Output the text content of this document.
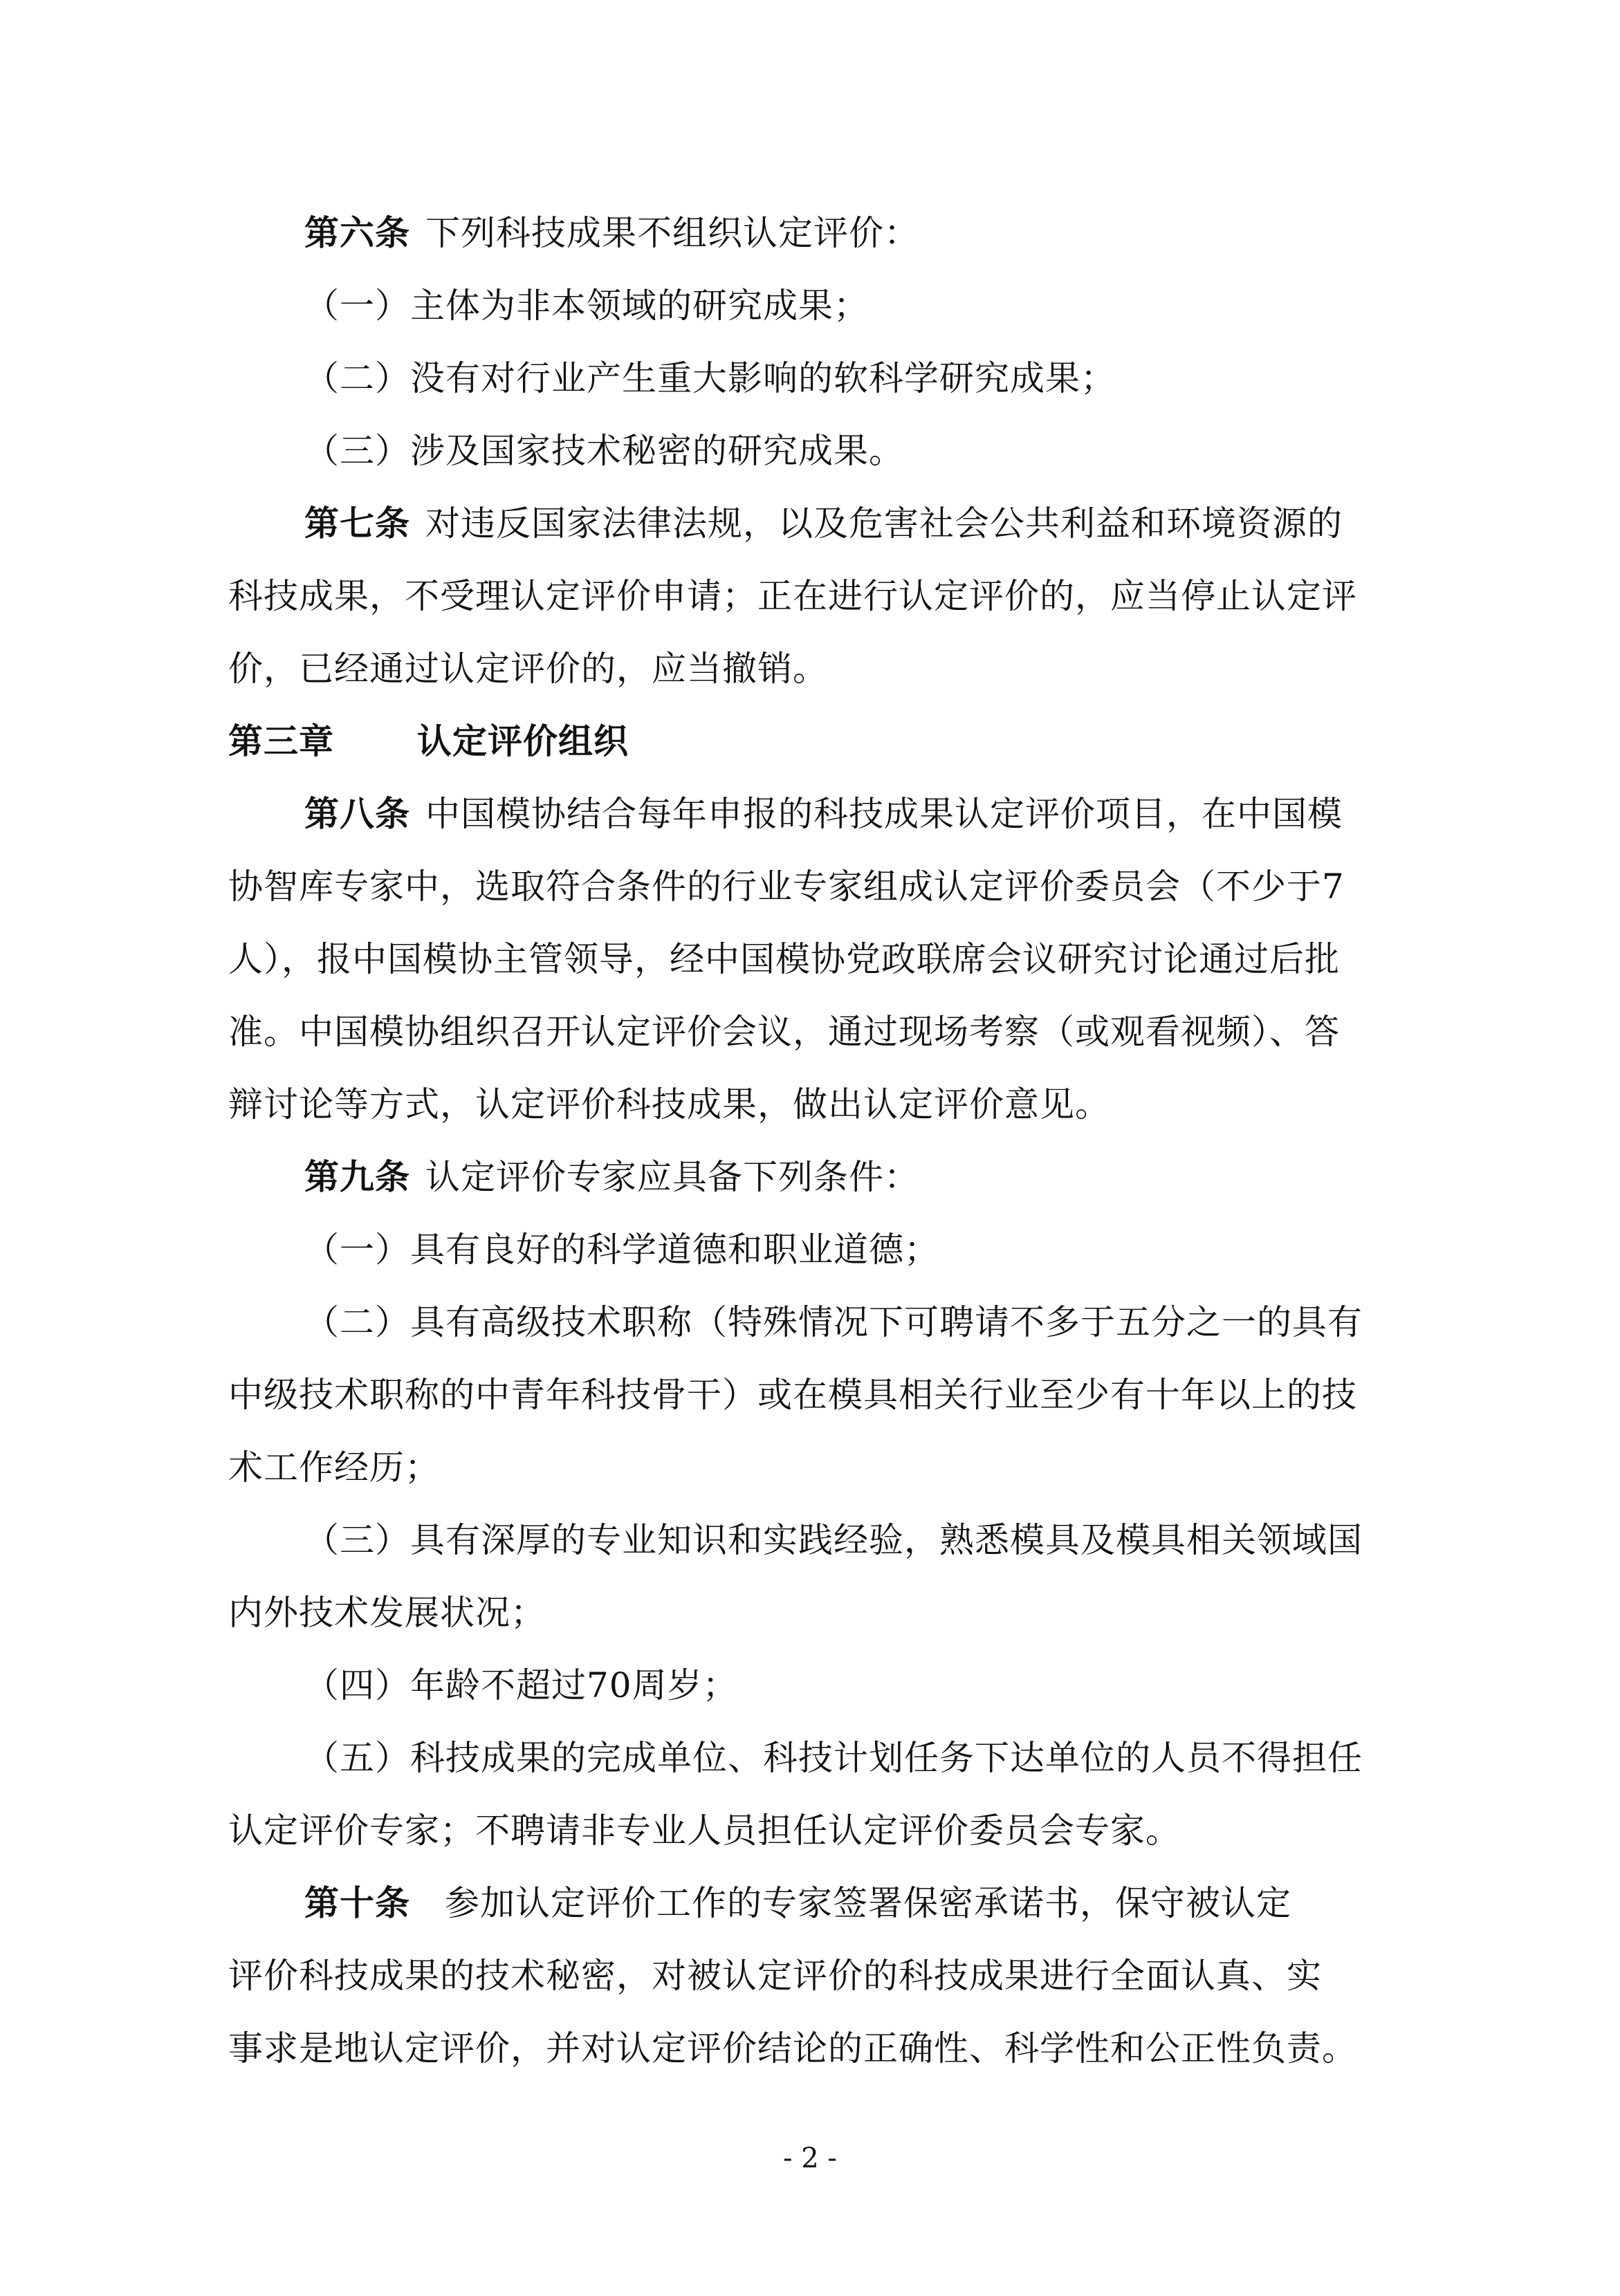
第六条 下列科技成果不组织认定评价：
（一）主体为非本领域的研究成果；
（二）没有对行业产生重大影响的软科学研究成果；
（三）涉及国家技术秘密的研究成果。
第七条 对违反国家法律法规，以及危害社会公共利益和环境资源的
科技成果，不受理认定评价申请；正在进行认定评价的，应当停止认定评
价，已经通过认定评价的，应当撤销。
第三章 认定评价组织
第八条 中国模协结合每年申报的科技成果认定评价项目，在中国模
协智库专家中，选取符合条件的行业专家组成认定评价委员会（不少于7
人），报中国模协主管领导，经中国模协党政联席会议研究讨论通过后批
准。中国模协组织召开认定评价会议，通过现场考察（或观看视频）、答
辩讨论等方式，认定评价科技成果，做出认定评价意见。
第九条 认定评价专家应具备下列条件：
（一）具有良好的科学道德和职业道德；
（二）具有高级技术职称（特殊情况下可聘请不多于五分之一的具有
中级技术职称的中青年科技骨干）或在模具相关行业至少有十年以上的技
术工作经历；
（三）具有深厚的专业知识和实践经验，熟悉模具及模具相关领域国
内外技术发展状况；
（四）年龄不超过70周岁；
（五）科技成果的完成单位、科技计划任务下达单位的人员不得担任
认定评价专家；不聘请非专业人员担任认定评价委员会专家。
第十条 参加认定评价工作的专家签署保密承诺书，保守被认定
评价科技成果的技术秘密，对被认定评价的科技成果进行全面认真、实
事求是地认定评价，并对认定评价结论的正确性、科学性和公正性负责。
- 2 -
